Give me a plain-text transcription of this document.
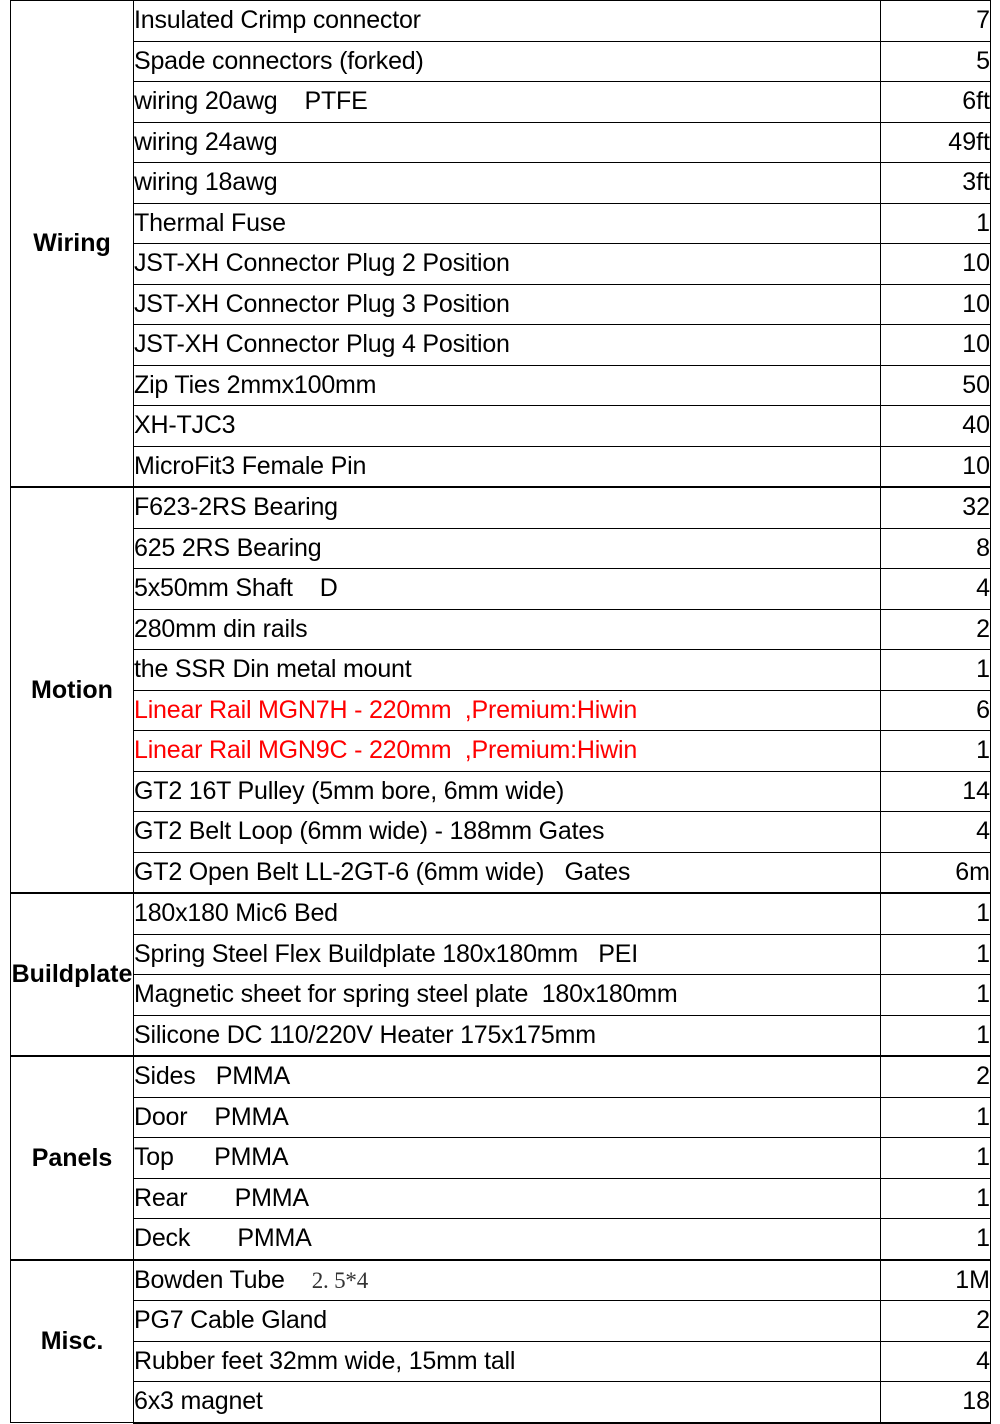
Wiring	Insulated Crimp connector	7
	Spade connectors (forked)	5
	wiring 20awg    PTFE	6ft
	wiring 24awg	49ft
	wiring 18awg	3ft
	Thermal Fuse	1
	JST-XH Connector Plug 2 Position	10
	JST-XH Connector Plug 3 Position	10
	JST-XH Connector Plug 4 Position	10
	Zip Ties 2mmx100mm	50
	XH-TJC3	40
	MicroFit3 Female Pin	10
Motion	F623-2RS Bearing	32
	625 2RS Bearing	8
	5x50mm Shaft    D	4
	280mm din rails	2
	the SSR Din metal mount	1
	Linear Rail MGN7H - 220mm  ,Premium:Hiwin	6
	Linear Rail MGN9C - 220mm  ,Premium:Hiwin	1
	GT2 16T Pulley (5mm bore, 6mm wide)	14
	GT2 Belt Loop (6mm wide) - 188mm Gates	4
	GT2 Open Belt LL-2GT-6 (6mm wide)   Gates	6m
Buildplate	180x180 Mic6 Bed	1
	Spring Steel Flex Buildplate 180x180mm   PEI	1
	Magnetic sheet for spring steel plate  180x180mm	1
	Silicone DC 110/220V Heater 175x175mm	1
Panels	Sides   PMMA	2
	Door    PMMA	1
	Top      PMMA	1
	Rear       PMMA	1
	Deck       PMMA	1
Misc.	Bowden Tube    2. 5*4	1M
	PG7 Cable Gland	2
	Rubber feet 32mm wide, 15mm tall	4
	6x3 magnet	18
